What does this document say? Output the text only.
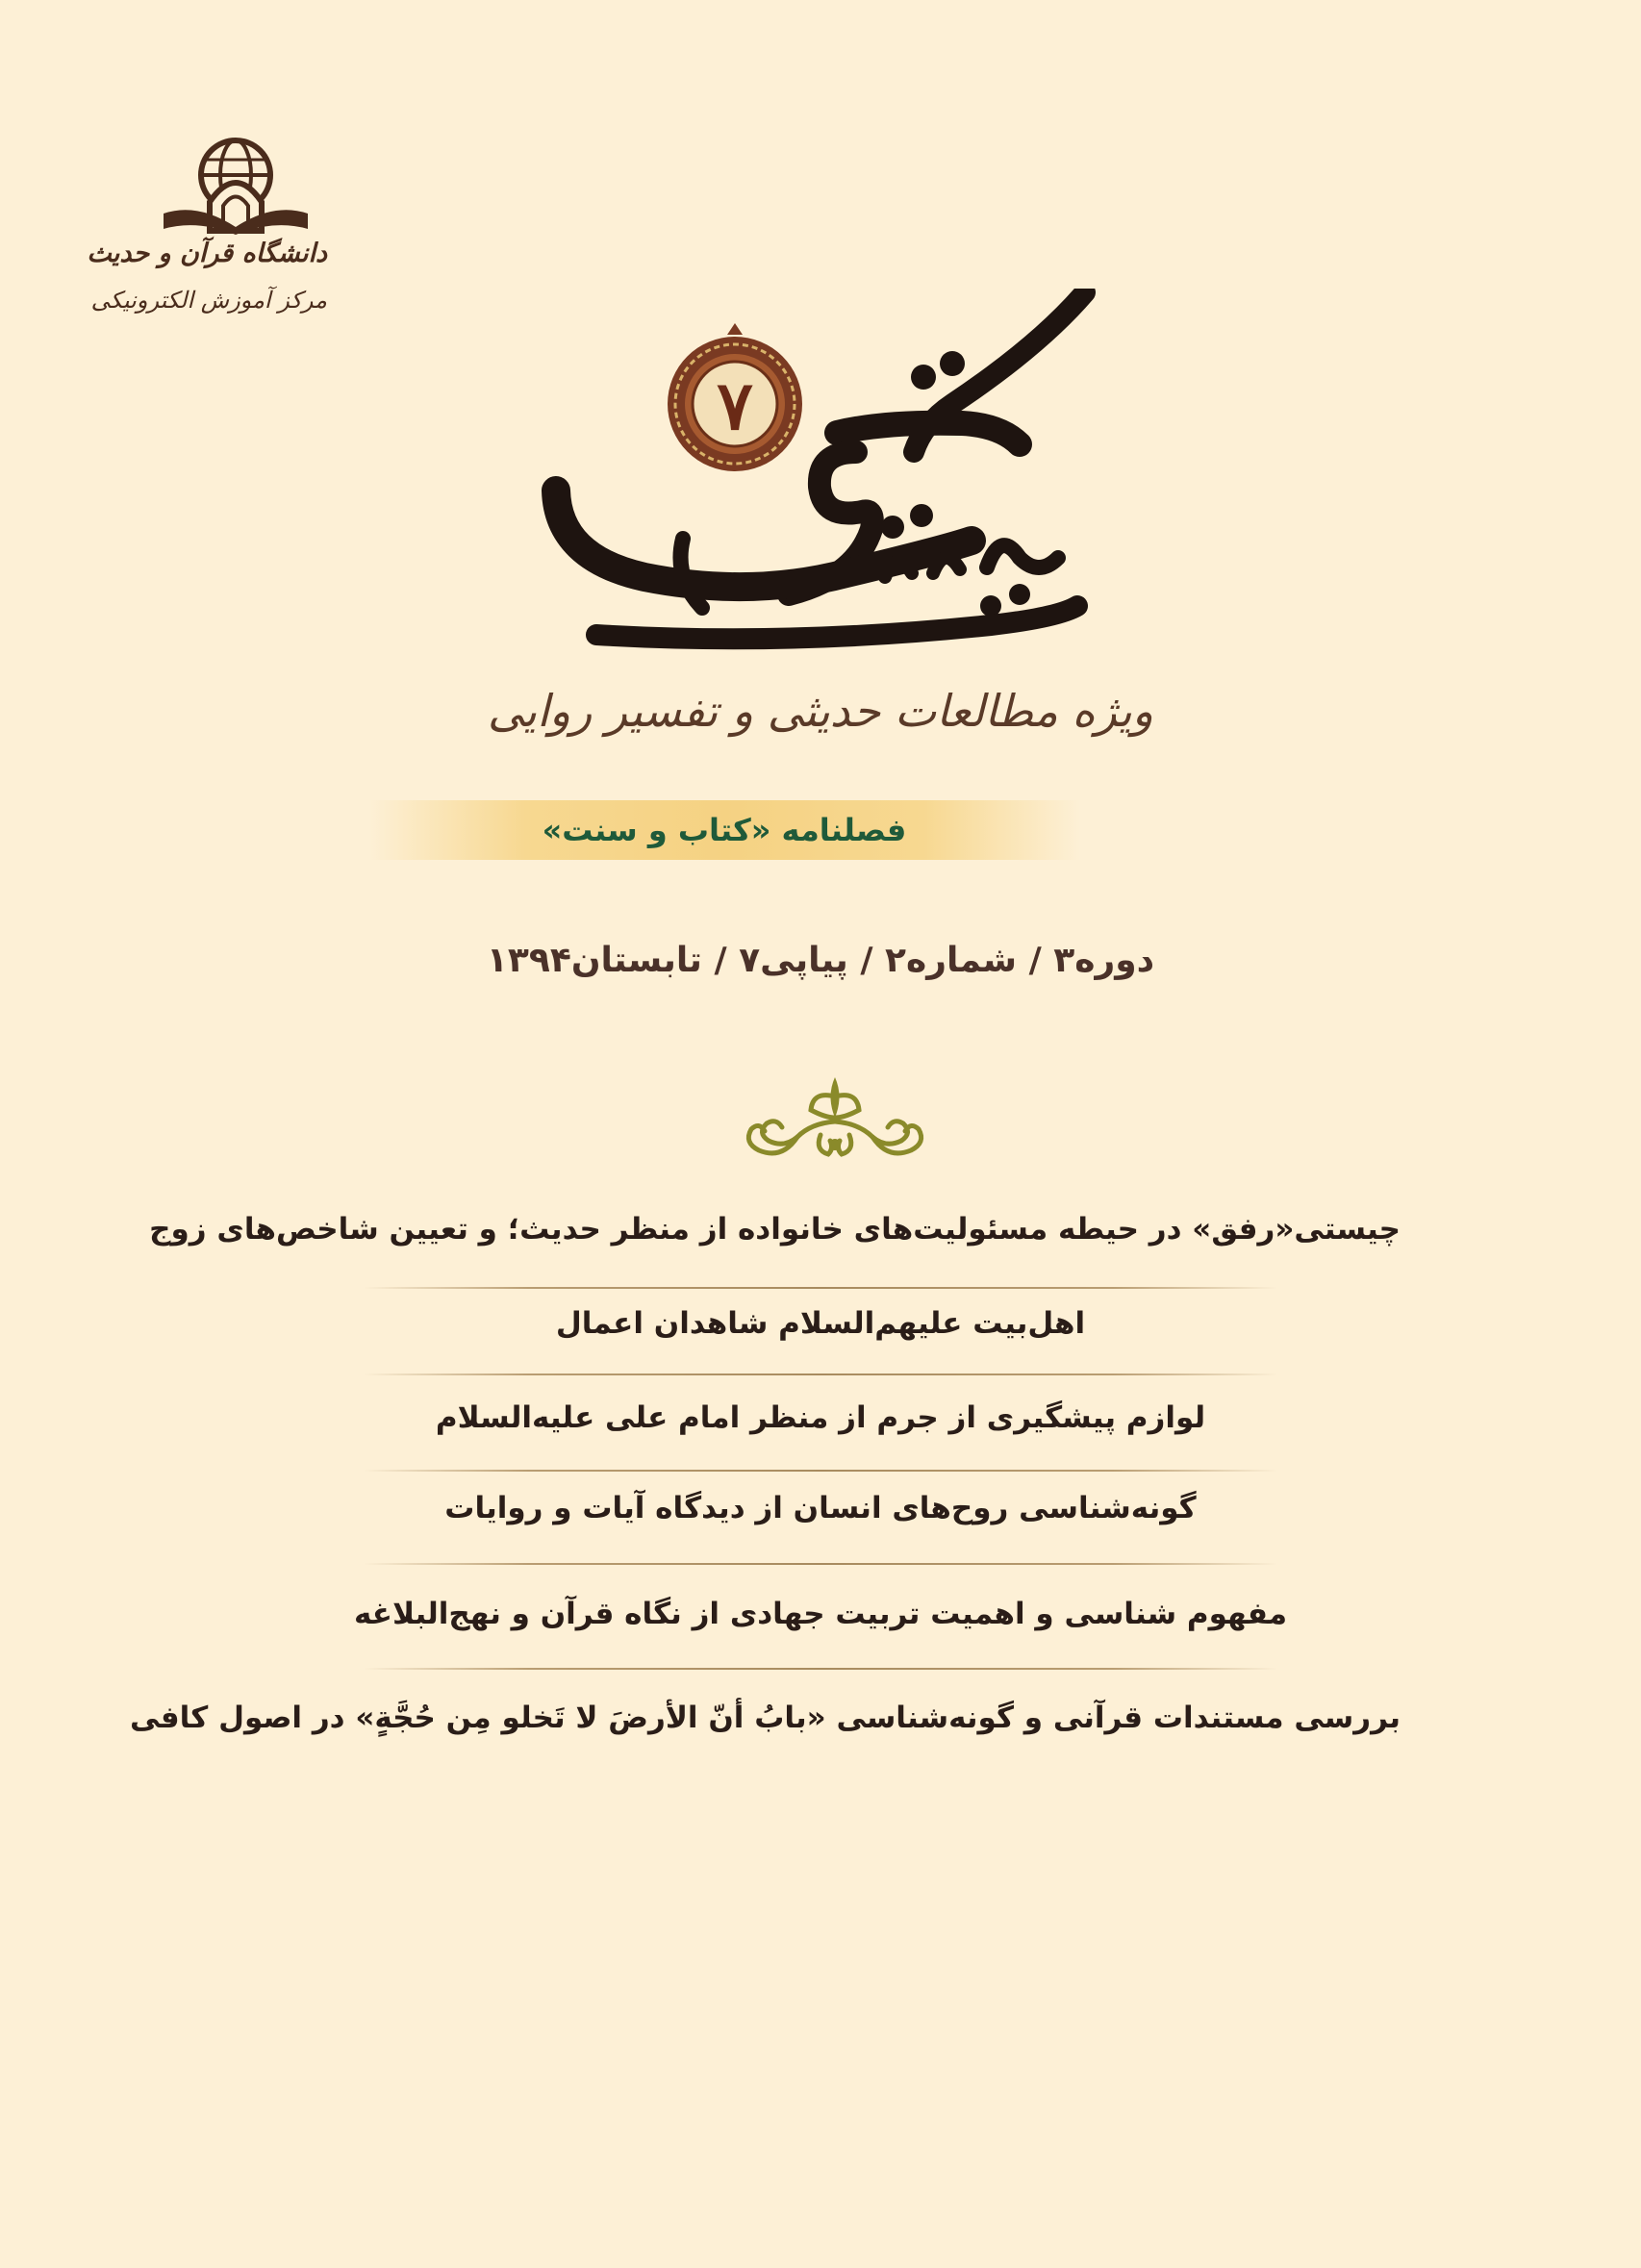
دانشگاه قرآن و حدیث
مرکز آموزش الکترونیکی
۷
ویژه مطالعات حدیثی و تفسیر روایی
فصلنامه «کتاب و سنت»
دوره۳ / شماره۲ / پیاپی۷ / تابستان۱۳۹۴
چیستی«رفق» در حیطه مسئولیت‌های خانواده از منظر حدیث؛ و تعیین شاخص‌های زوج
اهل‌بیت علیهم‌السلام شاهدان اعمال
لوازم پیشگیری از جرم از منظر امام علی علیه‌السلام
گونه‌شناسی روح‌های انسان از دیدگاه آیات و روایات
مفهوم شناسی و اهمیت تربیت جهادی از نگاه قرآن و نهج‌البلاغه
بررسی مستندات قرآنی و گونه‌شناسی «بابُ أنّ الأرضَ لا تَخلو مِن حُجَّةٍ» در اصول کافی
